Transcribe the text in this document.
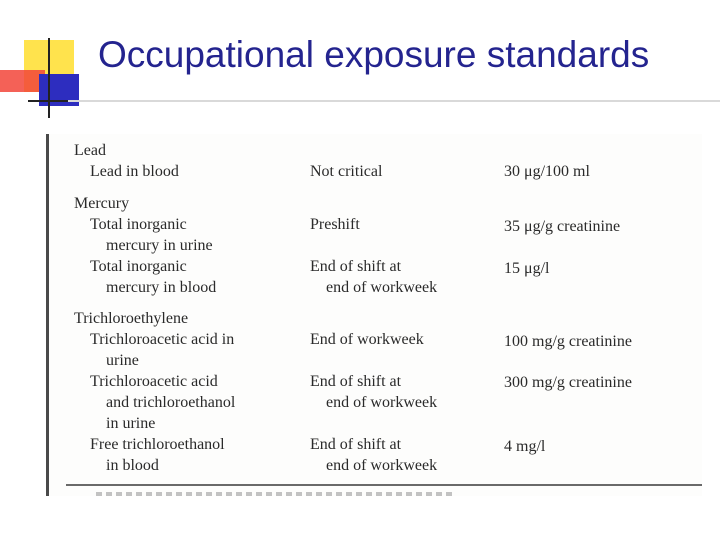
Occupational exposure standards
Lead
Lead in blood	Not critical	30 μg/100 ml
Mercury
Total inorganic	Preshift	35 μg/g creatinine
mercury in urine
Total inorganic	End of shift at	15 μg/l
mercury in blood	end of workweek
Trichloroethylene
Trichloroacetic acid in	End of workweek	100 mg/g creatinine
urine
Trichloroacetic acid	End of shift at	300 mg/g creatinine
and trichloroethanol	end of workweek
in urine
Free trichloroethanol	End of shift at	4 mg/l
in blood	end of workweek
